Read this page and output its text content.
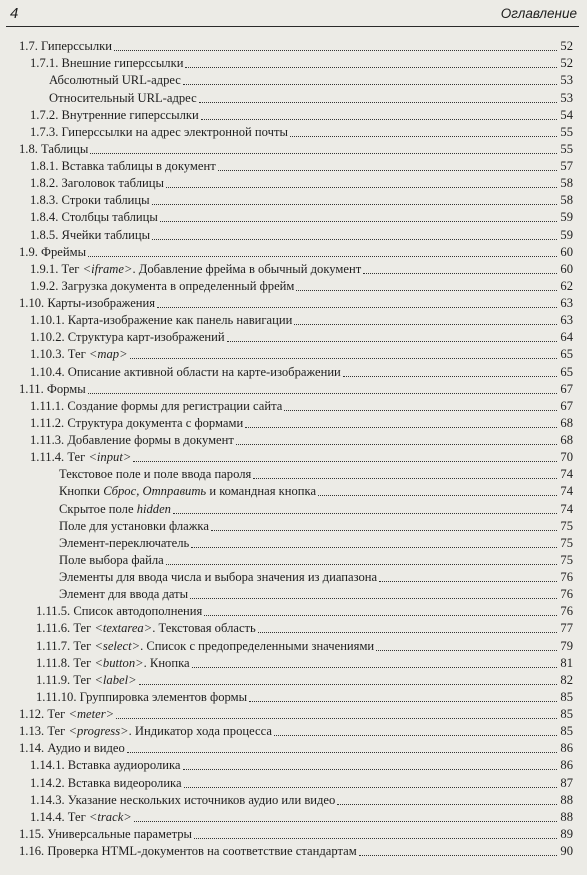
4	Оглавление
1.7. Гиперссылки	52
1.7.1. Внешние гиперссылки	52
Абсолютный URL-адрес	53
Относительный URL-адрес	53
1.7.2. Внутренние гиперссылки	54
1.7.3. Гиперссылки на адрес электронной почты	55
1.8. Таблицы	55
1.8.1. Вставка таблицы в документ	57
1.8.2. Заголовок таблицы	58
1.8.3. Строки таблицы	58
1.8.4. Столбцы таблицы	59
1.8.5. Ячейки таблицы	59
1.9. Фреймы	60
1.9.1. Тег <iframe>. Добавление фрейма в обычный документ	60
1.9.2. Загрузка документа в определенный фрейм	62
1.10. Карты-изображения	63
1.10.1. Карта-изображение как панель навигации	63
1.10.2. Структура карт-изображений	64
1.10.3. Тег <map>	65
1.10.4. Описание активной области на карте-изображении	65
1.11. Формы	67
1.11.1. Создание формы для регистрации сайта	67
1.11.2. Структура документа с формами	68
1.11.3. Добавление формы в документ	68
1.11.4. Тег <input>	70
Текстовое поле и поле ввода пароля	74
Кнопки Сброс, Отправить и командная кнопка	74
Скрытое поле hidden	74
Поле для установки флажка	75
Элемент-переключатель	75
Поле выбора файла	75
Элементы для ввода числа и выбора значения из диапазона	76
Элемент для ввода даты	76
1.11.5. Список автодополнения	76
1.11.6. Тег <textarea>. Текстовая область	77
1.11.7. Тег <select>. Список с предопределенными значениями	79
1.11.8. Тег <button>. Кнопка	81
1.11.9. Тег <label>	82
1.11.10. Группировка элементов формы	85
1.12. Тег <meter>	85
1.13. Тег <progress>. Индикатор хода процесса	85
1.14. Аудио и видео	86
1.14.1. Вставка аудиоролика	86
1.14.2. Вставка видеоролика	87
1.14.3. Указание нескольких источников аудио или видео	88
1.14.4. Тег <track>	88
1.15. Универсальные параметры	89
1.16. Проверка HTML-документов на соответствие стандартам	90
